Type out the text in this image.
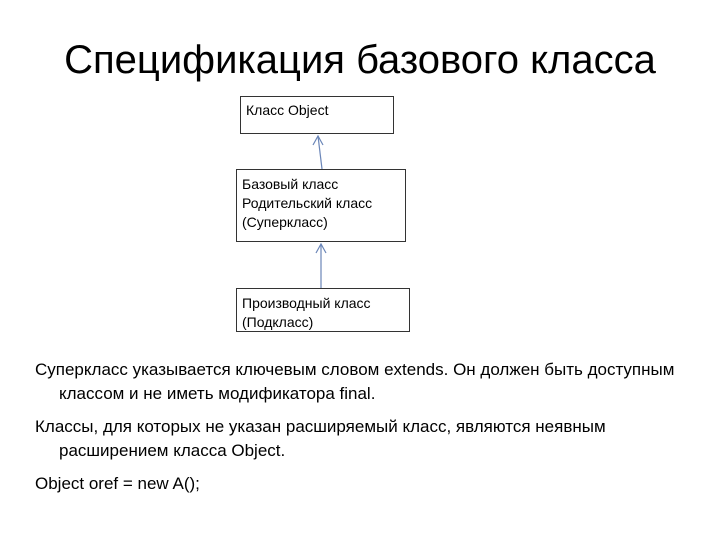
Спецификация базового класса
Класс Object
Базовый класс
Родительский класс
(Суперкласс)
Производный класс
(Подкласс)

Суперкласс указывается ключевым словом extends. Он должен быть доступным классом и не иметь модификатора final.

Классы, для которых не указан расширяемый класс, являются неявным расширением класса Object.

Object oref = new A();
